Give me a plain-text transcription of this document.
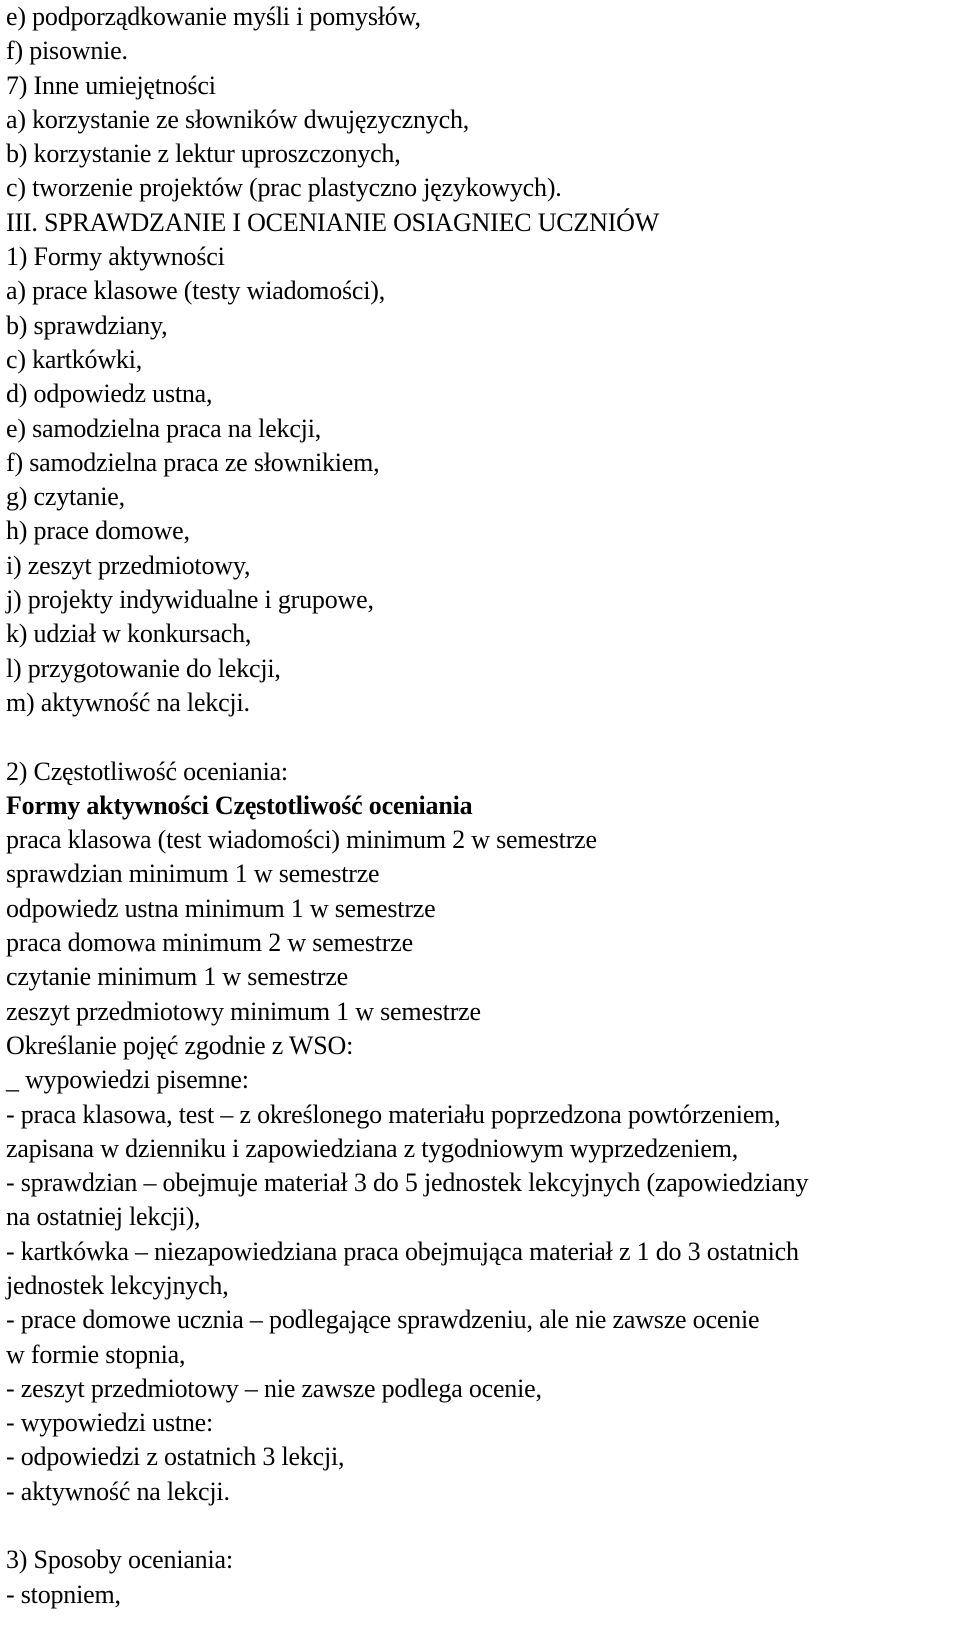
e) podporządkowanie myśli i pomysłów,
f) pisownie.
7) Inne umiejętności
a) korzystanie ze słowników dwujęzycznych,
b) korzystanie z lektur uproszczonych,
c) tworzenie projektów (prac plastyczno językowych).
III. SPRAWDZANIE I OCENIANIE OSIAGNIEC UCZNIÓW
1) Formy aktywności
a) prace klasowe (testy wiadomości),
b) sprawdziany,
c) kartkówki,
d) odpowiedz ustna,
e) samodzielna praca na lekcji,
f) samodzielna praca ze słownikiem,
g) czytanie,
h) prace domowe,
i) zeszyt przedmiotowy,
j) projekty indywidualne i grupowe,
k) udział w konkursach,
l) przygotowanie do lekcji,
m) aktywność na lekcji.
2) Częstotliwość oceniania:
Formy aktywności Częstotliwość oceniania
praca klasowa (test wiadomości) minimum 2 w semestrze
sprawdzian minimum 1 w semestrze
odpowiedz ustna minimum 1 w semestrze
praca domowa minimum 2 w semestrze
czytanie minimum 1 w semestrze
zeszyt przedmiotowy minimum 1 w semestrze
Określanie pojęć zgodnie z WSO:
_ wypowiedzi pisemne:
- praca klasowa, test – z określonego materiału poprzedzona powtórzeniem,
zapisana w dzienniku i zapowiedziana z tygodniowym wyprzedzeniem,
- sprawdzian – obejmuje materiał 3 do 5 jednostek lekcyjnych (zapowiedziany
na ostatniej lekcji),
- kartkówka – niezapowiedziana praca obejmująca materiał z 1 do 3 ostatnich
jednostek lekcyjnych,
- prace domowe ucznia – podlegające sprawdzeniu, ale nie zawsze ocenie
w formie stopnia,
- zeszyt przedmiotowy – nie zawsze podlega ocenie,
- wypowiedzi ustne:
- odpowiedzi z ostatnich 3 lekcji,
- aktywność na lekcji.
3) Sposoby oceniania:
- stopniem,
